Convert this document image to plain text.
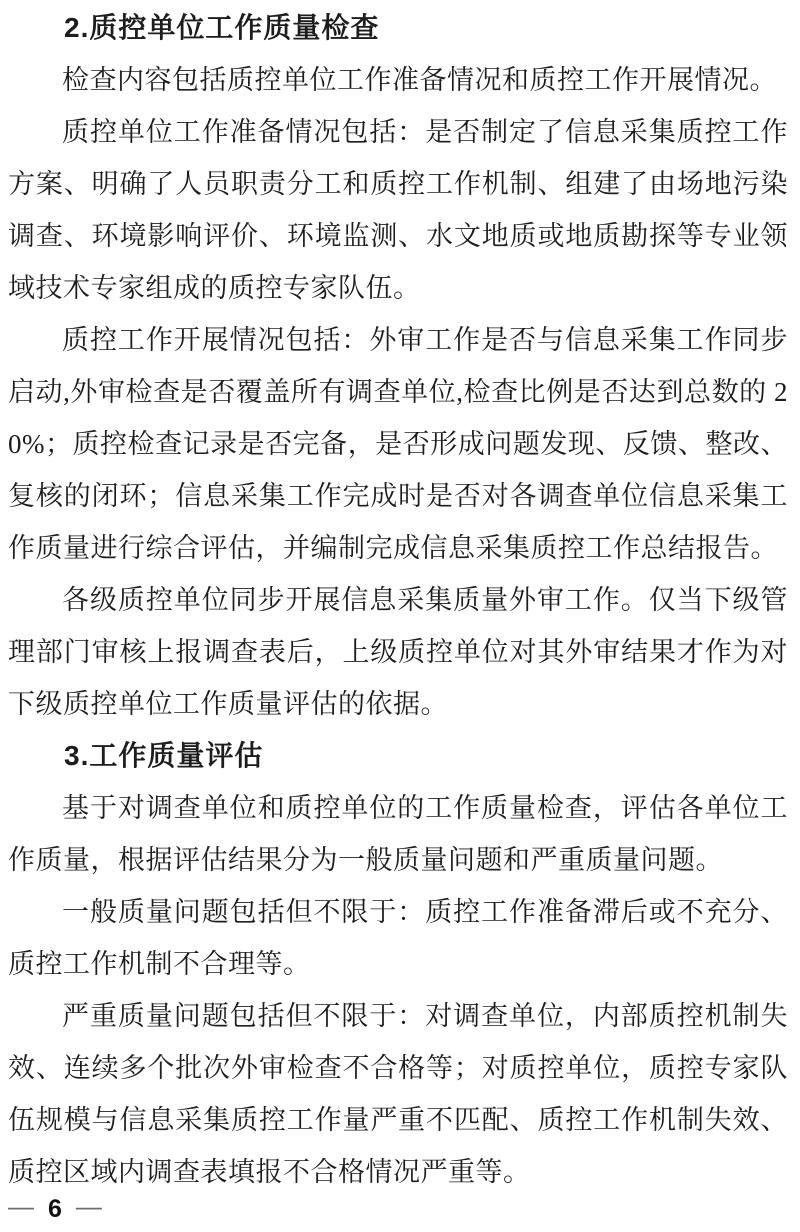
2.质控单位工作质量检查

检查内容包括质控单位工作准备情况和质控工作开展情况。

质控单位工作准备情况包括：是否制定了信息采集质控工作方案、明确了人员职责分工和质控工作机制、组建了由场地污染调查、环境影响评价、环境监测、水文地质或地质勘探等专业领域技术专家组成的质控专家队伍。

质控工作开展情况包括：外审工作是否与信息采集工作同步启动,外审检查是否覆盖所有调查单位,检查比例是否达到总数的 20%；质控检查记录是否完备，是否形成问题发现、反馈、整改、复核的闭环；信息采集工作完成时是否对各调查单位信息采集工作质量进行综合评估，并编制完成信息采集质控工作总结报告。

各级质控单位同步开展信息采集质量外审工作。仅当下级管理部门审核上报调查表后，上级质控单位对其外审结果才作为对下级质控单位工作质量评估的依据。

3.工作质量评估

基于对调查单位和质控单位的工作质量检查，评估各单位工作质量，根据评估结果分为一般质量问题和严重质量问题。

一般质量问题包括但不限于：质控工作准备滞后或不充分、质控工作机制不合理等。

严重质量问题包括但不限于：对调查单位，内部质控机制失效、连续多个批次外审检查不合格等；对质控单位，质控专家队伍规模与信息采集质控工作量严重不匹配、质控工作机制失效、质控区域内调查表填报不合格情况严重等。

— 6 —
